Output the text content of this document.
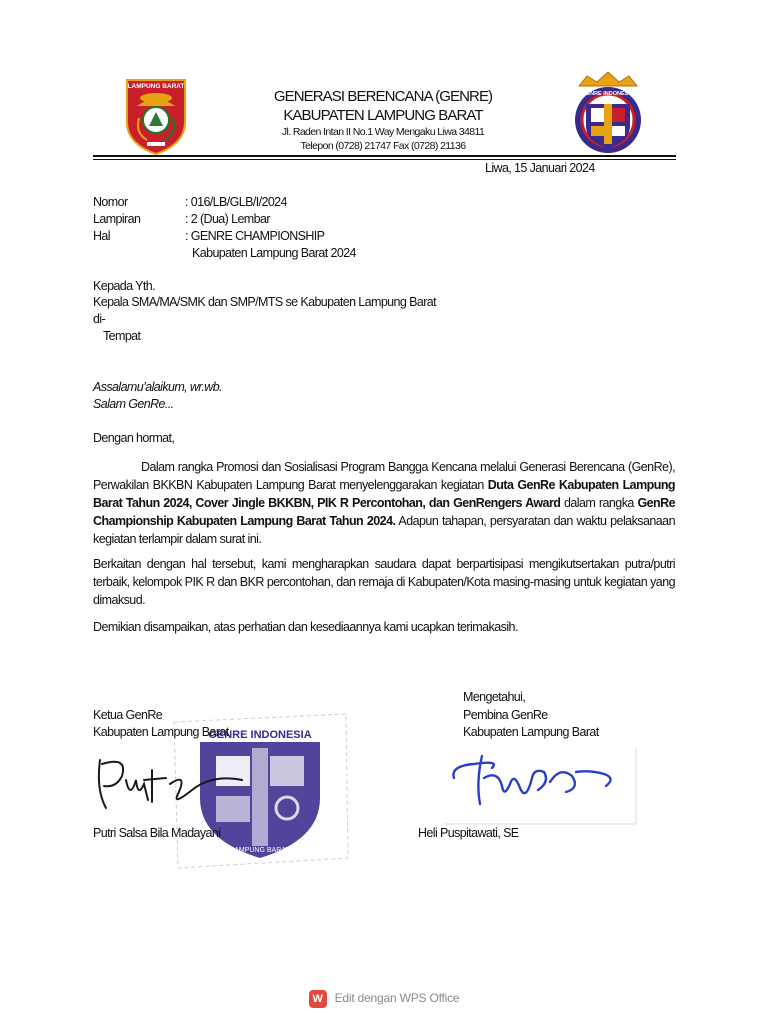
LAMPUNG BARAT
GENRE INDONESIA
GENERASI BERENCANA (GENRE)
KABUPATEN LAMPUNG BARAT
Jl. Raden Intan II No.1 Way Mengaku Liwa 34811
Telepon (0728) 21747 Fax (0728) 21136
Liwa, 15 Januari 2024
Nomor	: 016/LB/GLB/I/2024
Lampiran	: 2 (Dua) Lembar
Hal	: GENRE CHAMPIONSHIP
Kabupaten Lampung Barat 2024
Kepada Yth.
Kepala SMA/MA/SMK dan SMP/MTS se Kabupaten Lampung Barat
di-
Tempat
Assalamu’alaikum, wr.wb.
Salam GenRe...
Dengan hormat,
Dalam rangka Promosi dan Sosialisasi Program Bangga Kencana melalui Generasi Berencana (GenRe), Perwakilan BKKBN Kabupaten Lampung Barat menyelenggarakan kegiatan Duta GenRe Kabupaten Lampung Barat Tahun 2024, Cover Jingle BKKBN, PIK R Percontohan, dan GenRengers Award dalam rangka GenRe Championship Kabupaten Lampung Barat Tahun 2024. Adapun tahapan, persyaratan dan waktu pelaksanaan kegiatan terlampir dalam surat ini.
Berkaitan dengan hal tersebut, kami mengharapkan saudara dapat berpartisipasi mengikutsertakan putra/putri terbaik, kelompok PIK R dan BKR percontohan, dan remaja di Kabupaten/Kota masing-masing untuk kegiatan yang dimaksud.
Demikian disampaikan, atas perhatian dan kesediaannya kami ucapkan terimakasih.
GENRE INDONESIA
LAMPUNG BARAT
Ketua GenRe
Kabupaten Lampung Barat
Putri Salsa Bila Madayani
Mengetahui,
Pembina GenRe
Kabupaten Lampung Barat
Heli Puspitawati, SE
W Edit dengan WPS Office
